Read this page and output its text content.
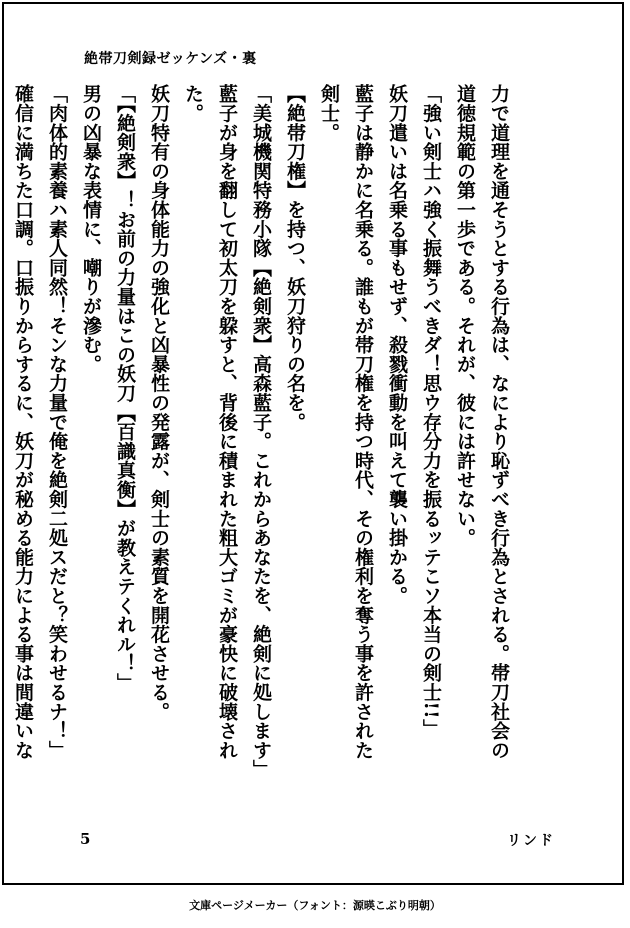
絶帯刀剣録ゼッケンズ・裏

力で道理を通そうとする行為は、なにより恥ずべき行為とされる。帯刀社会の

道徳規範の第一歩である。それが、彼には許せない。

「強い剣士ハ強く振舞うべきダ！思ウ存分力を振るッテこソ本当の剣士!!」

妖刀遣いは名乗る事もせず、殺戮衝動を叫えて襲い掛かる。

藍子は静かに名乗る。誰もが帯刀権を持つ時代、その権利を奪う事を許された

剣士。

【絶帯刀権】を持つ、妖刀狩りの名を。

「美城機関特務小隊【絶剣衆】高森藍子。これからあなたを、絶剣に処します」

藍子が身を翻して初太刀を躱すと、背後に積まれた粗大ゴミが豪快に破壊され

た。

妖刀特有の身体能力の強化と凶暴性の発露が、剣士の素質を開花させる。

「【絶剣衆】！お前の力量はこの妖刀【百識真衡】が教えテくれル！」

男の凶暴な表情に、嘲りが滲む。

「肉体的素養ハ素人同然！そンな力量で俺を絶剣二処スだと？笑わせるナ！」

確信に満ちた口調。口振りからするに、妖刀が秘める能力による事は間違いな

5	リンド
文庫ページメーカー（フォント：源暎こぶり明朝）
